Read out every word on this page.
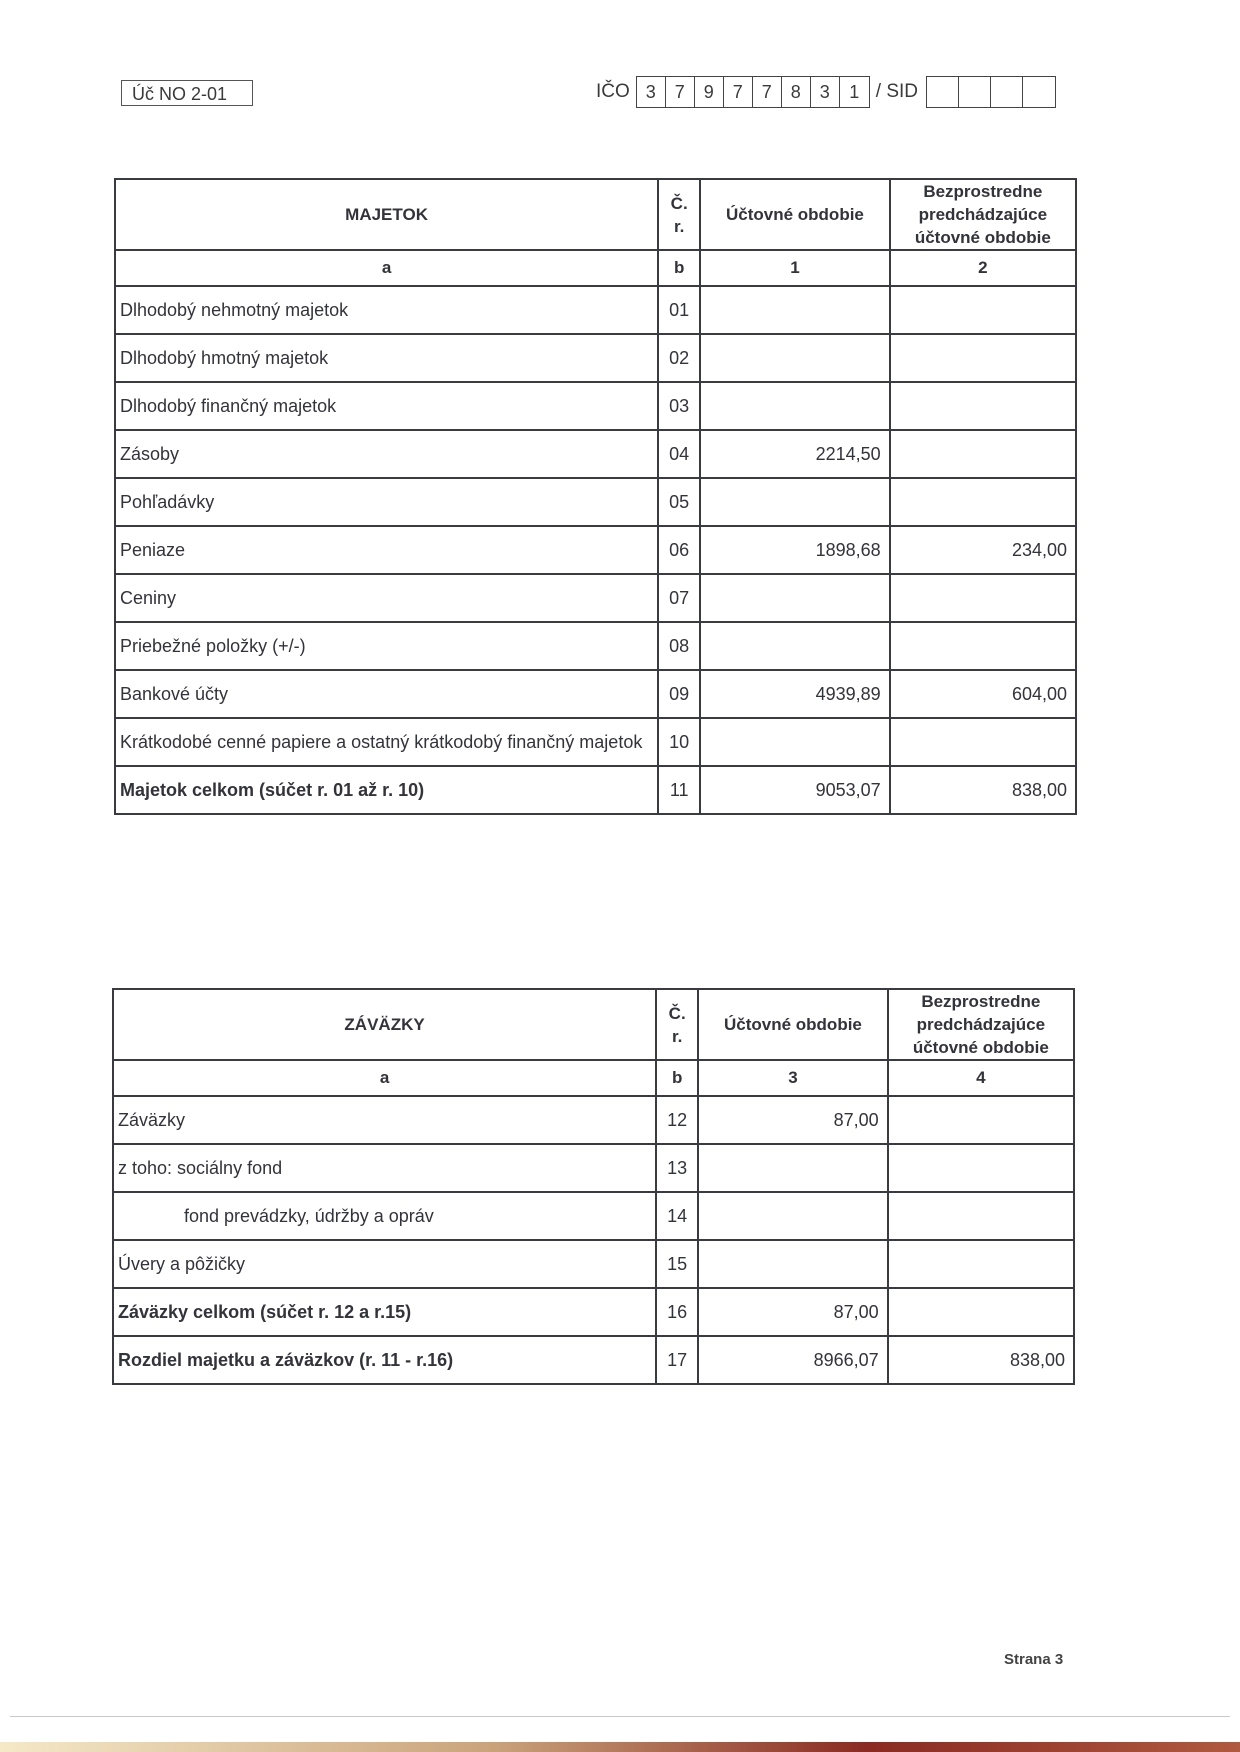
Úč NO 2-01	IČO 3	7	9	7	7	8	3	1 / SID
MAJETOK	Č. r.	Účtovné obdobie	Bezprostredne predchádzajúce účtovné obdobie
a	b	1	2
Dlhodobý nehmotný majetok	01		
Dlhodobý hmotný majetok	02		
Dlhodobý finančný majetok	03		
Zásoby	04	2214,50	
Pohľadávky	05		
Peniaze	06	1898,68	234,00
Ceniny	07		
Priebežné položky (+/-)	08		
Bankové účty	09	4939,89	604,00
Krátkodobé cenné papiere a ostatný krátkodobý finančný majetok	10		
Majetok celkom (súčet r. 01 až r. 10)	11	9053,07	838,00
ZÁVÄZKY	Č. r.	Účtovné obdobie	Bezprostredne predchádzajúce účtovné obdobie
a	b	3	4
Záväzky	12	87,00	
z toho: sociálny fond	13		
fond prevádzky, údržby a opráv	14		
Úvery a pôžičky	15		
Záväzky celkom (súčet r. 12 a r.15)	16	87,00	
Rozdiel majetku a záväzkov (r. 11 - r.16)	17	8966,07	838,00
Strana 3
